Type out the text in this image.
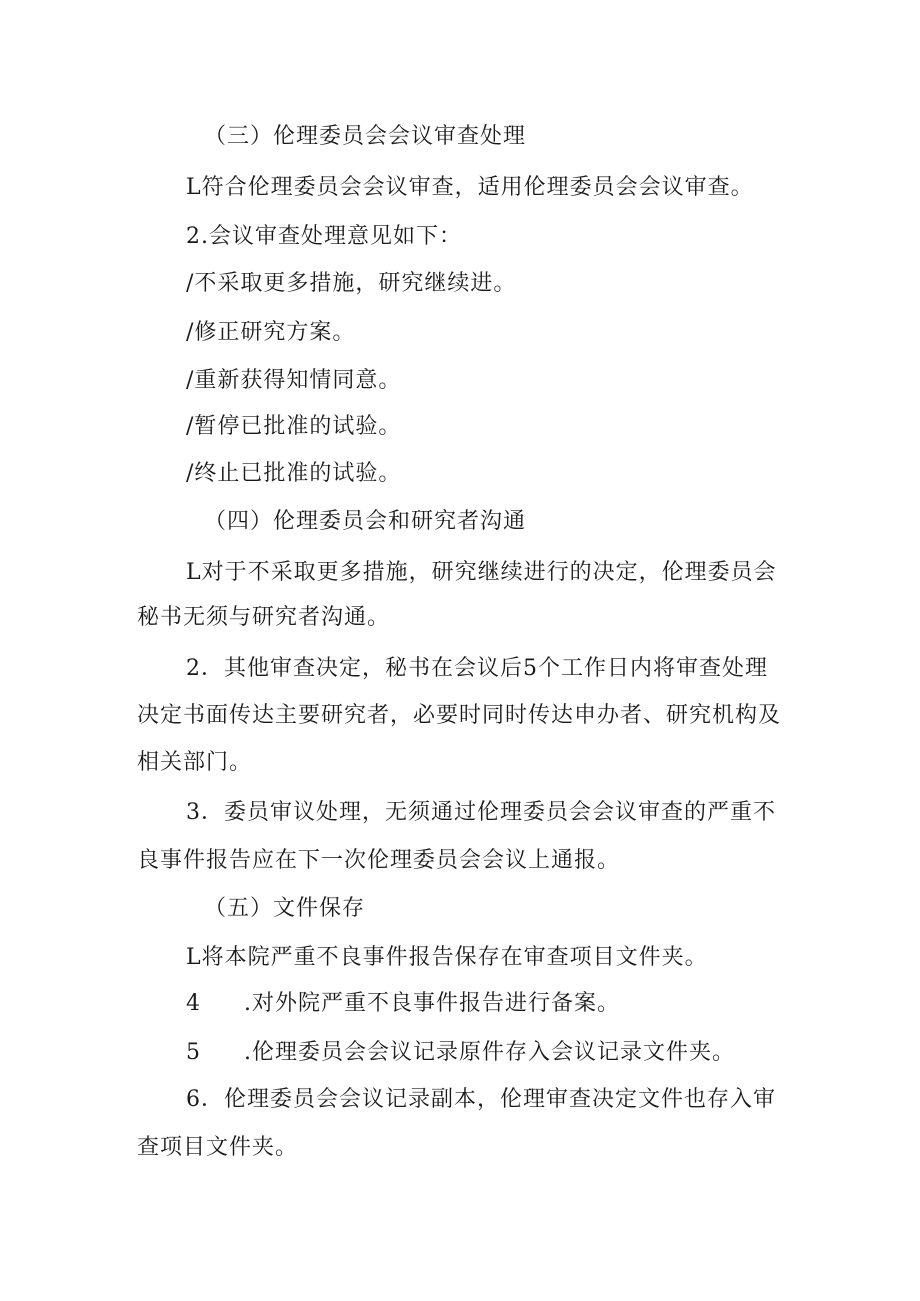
（三）伦理委员会会议审查处理
L符合伦理委员会会议审查，适用伦理委员会会议审查。
2.会议审查处理意见如下：
/不采取更多措施，研究继续进。
/修正研究方案。
/重新获得知情同意。
/暂停已批准的试验。
/终止已批准的试验。
（四）伦理委员会和研究者沟通
L对于不采取更多措施，研究继续进行的决定，伦理委员会
秘书无须与研究者沟通。
2．其他审查决定，秘书在会议后5个工作日内将审查处理
决定书面传达主要研究者，必要时同时传达申办者、研究机构及
相关部门。
3．委员审议处理，无须通过伦理委员会会议审查的严重不
良事件报告应在下一次伦理委员会会议上通报。
（五）文件保存
L将本院严重不良事件报告保存在审查项目文件夹。
4 .对外院严重不良事件报告进行备案。
5 .伦理委员会会议记录原件存入会议记录文件夹。
6．伦理委员会会议记录副本，伦理审查决定文件也存入审
查项目文件夹。
